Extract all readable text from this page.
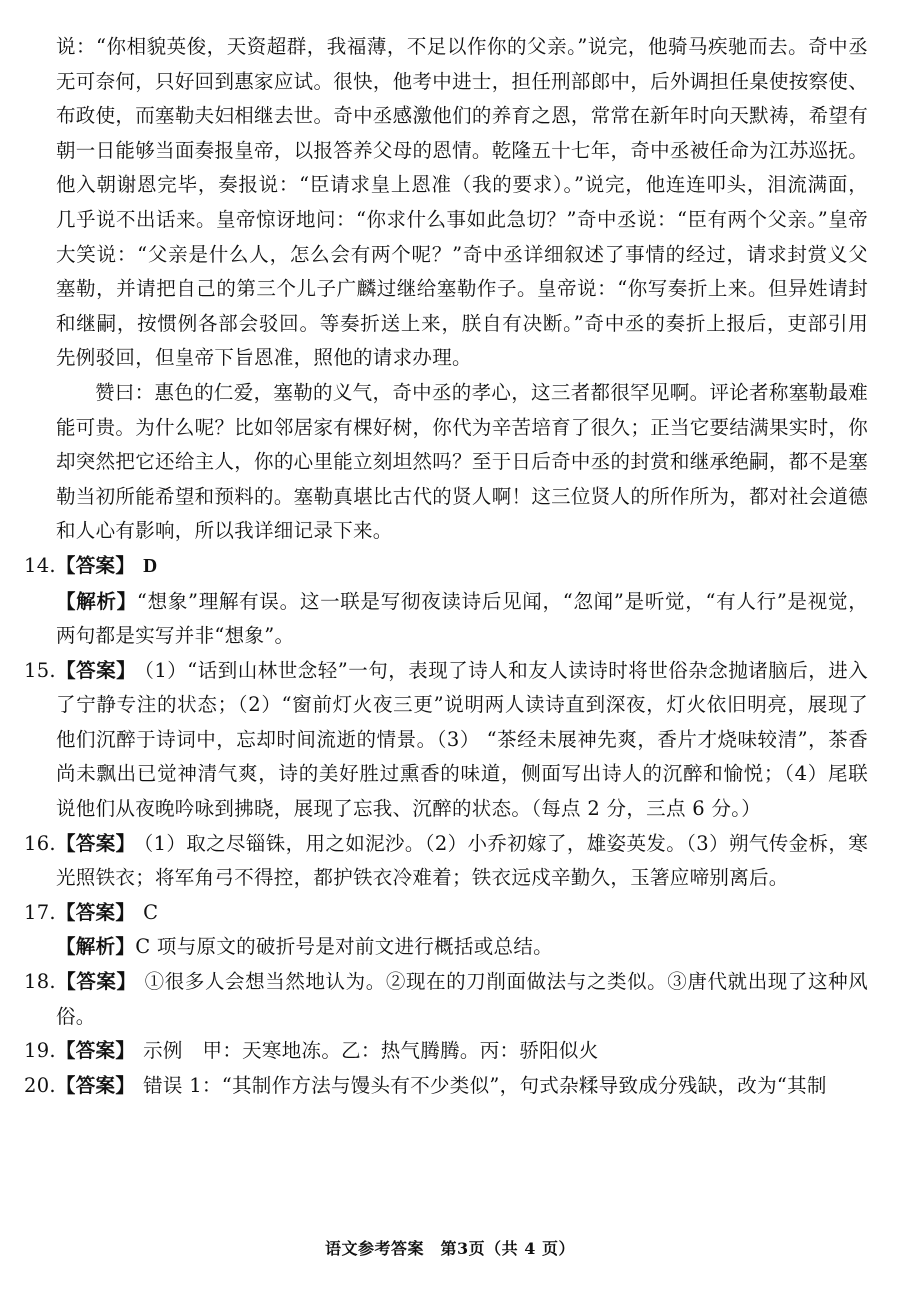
说：“你相貌英俊，天资超群，我福薄，不足以作你的父亲。”说完，他骑马疾驰而去。奇中丞无可奈何，只好回到惠家应试。很快，他考中进士，担任刑部郎中，后外调担任臬使按察使、布政使，而塞勒夫妇相继去世。奇中丞感激他们的养育之恩，常常在新年时向天默祷，希望有朝一日能够当面奏报皇帝，以报答养父母的恩情。乾隆五十七年，奇中丞被任命为江苏巡抚。他入朝谢恩完毕，奏报说：“臣请求皇上恩准（我的要求）。”说完，他连连叩头，泪流满面，几乎说不出话来。皇帝惊讶地问：“你求什么事如此急切？”奇中丞说：“臣有两个父亲。”皇帝大笑说：“父亲是什么人，怎么会有两个呢？”奇中丞详细叙述了事情的经过，请求封赏义父塞勒，并请把自己的第三个儿子广麟过继给塞勒作子。皇帝说：“你写奏折上来。但异姓请封和继嗣，按惯例各部会驳回。等奏折送上来，朕自有决断。”奇中丞的奏折上报后，吏部引用先例驳回，但皇帝下旨恩准，照他的请求办理。

赞曰：惠色的仁爱，塞勒的义气，奇中丞的孝心，这三者都很罕见啊。评论者称塞勒最难能可贵。为什么呢？比如邻居家有棵好树，你代为辛苦培育了很久；正当它要结满果实时，你却突然把它还给主人，你的心里能立刻坦然吗？至于日后奇中丞的封赏和继承绝嗣，都不是塞勒当初所能希望和预料的。塞勒真堪比古代的贤人啊！这三位贤人的所作所为，都对社会道德和人心有影响，所以我详细记录下来。

14.【答案】 D

【解析】“想象”理解有误。这一联是写彻夜读诗后见闻，“忽闻”是听觉，“有人行”是视觉，两句都是实写并非“想象”。

15.【答案】 （1）“话到山林世念轻”一句，表现了诗人和友人读诗时将世俗杂念抛诸脑后，进入了宁静专注的状态；（2）“窗前灯火夜三更”说明两人读诗直到深夜，灯火依旧明亮，展现了他们沉醉于诗词中，忘却时间流逝的情景。（3） “茶经未展神先爽，香片才烧味较清”，茶香尚未飘出已觉神清气爽，诗的美好胜过熏香的味道，侧面写出诗人的沉醉和愉悦；（4）尾联说他们从夜晚吟咏到拂晓，展现了忘我、沉醉的状态。（每点 2 分，三点 6 分。）

16.【答案】 （1）取之尽锱铢，用之如泥沙。（2）小乔初嫁了，雄姿英发。（3）朔气传金柝，寒光照铁衣；将军角弓不得控，都护铁衣冷难着；铁衣远戍辛勤久，玉箸应啼别离后。

17.【答案】 C

【解析】C 项与原文的破折号是对前文进行概括或总结。

18.【答案】 ①很多人会想当然地认为。②现在的刀削面做法与之类似。③唐代就出现了这种风俗。

19.【答案】 示例　甲：天寒地冻。乙：热气腾腾。丙：骄阳似火

20.【答案】 错误 1：“其制作方法与馒头有不少类似”，句式杂糅导致成分残缺，改为“其制

语文参考答案　第3页（共 4 页）
